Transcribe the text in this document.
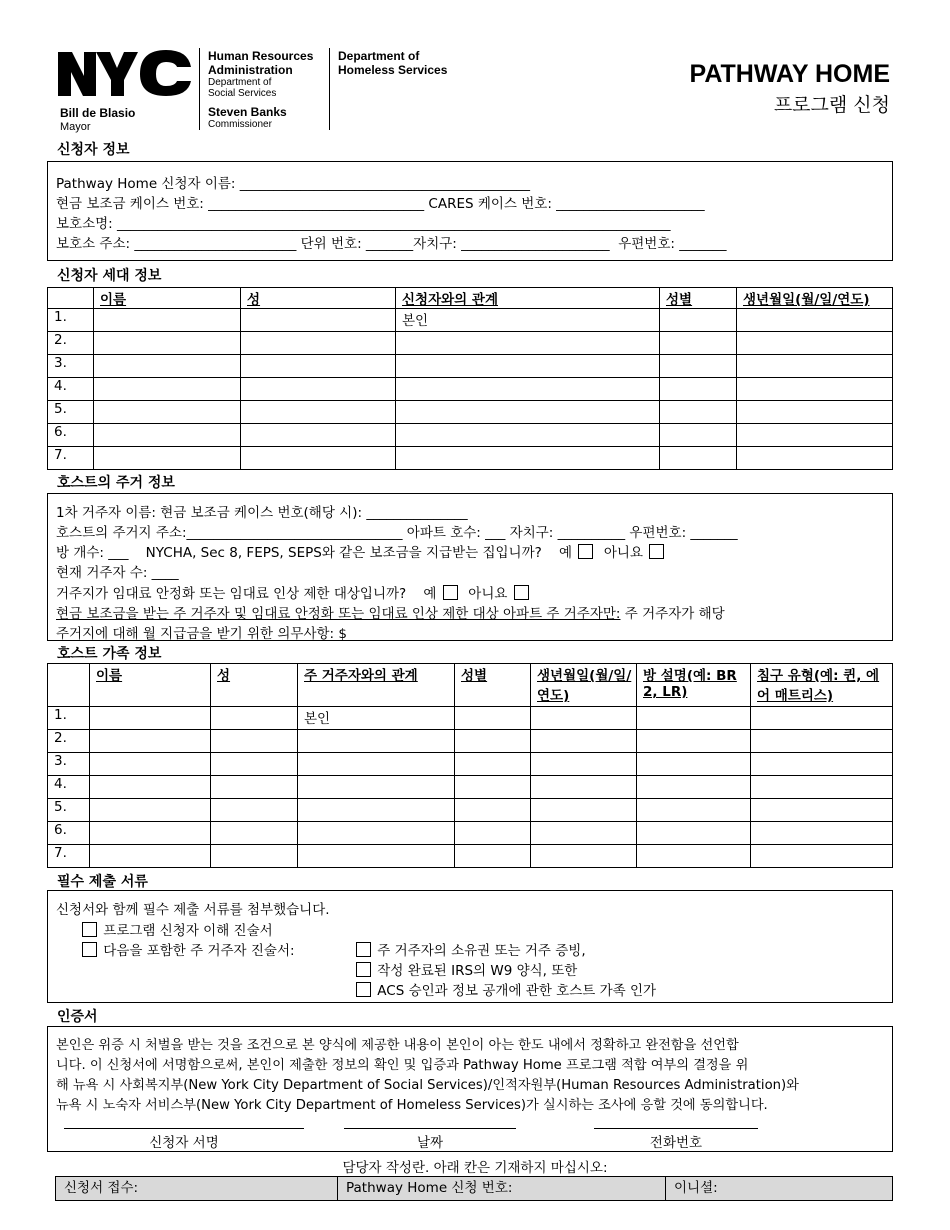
Bill de Blasio
Mayor
Human Resources
Administration
Department of
Social Services
Steven Banks
Commissioner
Department of
Homeless Services	PATHWAY HOME
프로그램 신청
신청자 정보
Pathway Home 신청자 이름: ___________________________________________
현금 보조금 케이스 번호: ________________________________ CARES 케이스 번호: ______________________
보호소명: __________________________________________________________________________________
보호소 주소: ________________________ 단위 번호: _______자치구: ______________________  우편번호: _______
신청자 세대 정보
	이름	성	신청자와의 관계	성별	생년월일(월/일/연도)
1.			본인		
2.					
3.					
4.					
5.					
6.					
7.					
호스트의 주거 정보
1차 거주자 이름: 현금 보조금 케이스 번호(해당 시): _______________
호스트의 주거지 주소:________________________________ 아파트 호수: ___ 자치구: __________ 우편번호: _______
방 개수: ___    NYCHA, Sec 8, FEPS, SEPS와 같은 보조금을 지급받는 집입니까? 예 아니요
현재 거주자 수: ____
거주지가 임대료 안정화 또는 임대료 인상 제한 대상입니까? 예 아니요
현금 보조금을 받는 주 거주자 및 임대료 안정화 또는 임대료 인상 제한 대상 아파트 주 거주자만: 주 거주자가 해당
주거지에 대해 월 지급금을 받기 위한 의무사항: $_______
호스트 가족 정보
	이름	성	주 거주자와의 관계	성별	생년월일(월/일/연도)	방 설명(예: BR 2, LR)	침구 유형(예: 퀸, 에어 매트리스)
1.			본인				
2.							
3.							
4.							
5.							
6.							
7.							
필수 제출 서류
신청서와 함께 필수 제출 서류를 첨부했습니다.
프로그램 신청자 이해 진술서
다음을 포함한 주 거주자 진술서:	주 거주자의 소유권 또는 거주 증빙,
작성 완료된 IRS의 W9 양식, 또한
ACS 승인과 정보 공개에 관한 호스트 가족 인가
인증서
본인은 위증 시 처벌을 받는 것을 조건으로 본 양식에 제공한 내용이 본인이 아는 한도 내에서 정확하고 완전함을 선언합
니다. 이 신청서에 서명함으로써, 본인이 제출한 정보의 확인 및 입증과 Pathway Home 프로그램 적합 여부의 결정을 위
해 뉴욕 시 사회복지부(New York City Department of Social Services)/인적자원부(Human Resources Administration)와
뉴욕 시 노숙자 서비스부(New York City Department of Homeless Services)가 실시하는 조사에 응할 것에 동의합니다.
신청자 서명	날짜	전화번호
담당자 작성란. 아래 칸은 기재하지 마십시오:
신청서 접수:	Pathway Home 신청 번호:	이니셜:
